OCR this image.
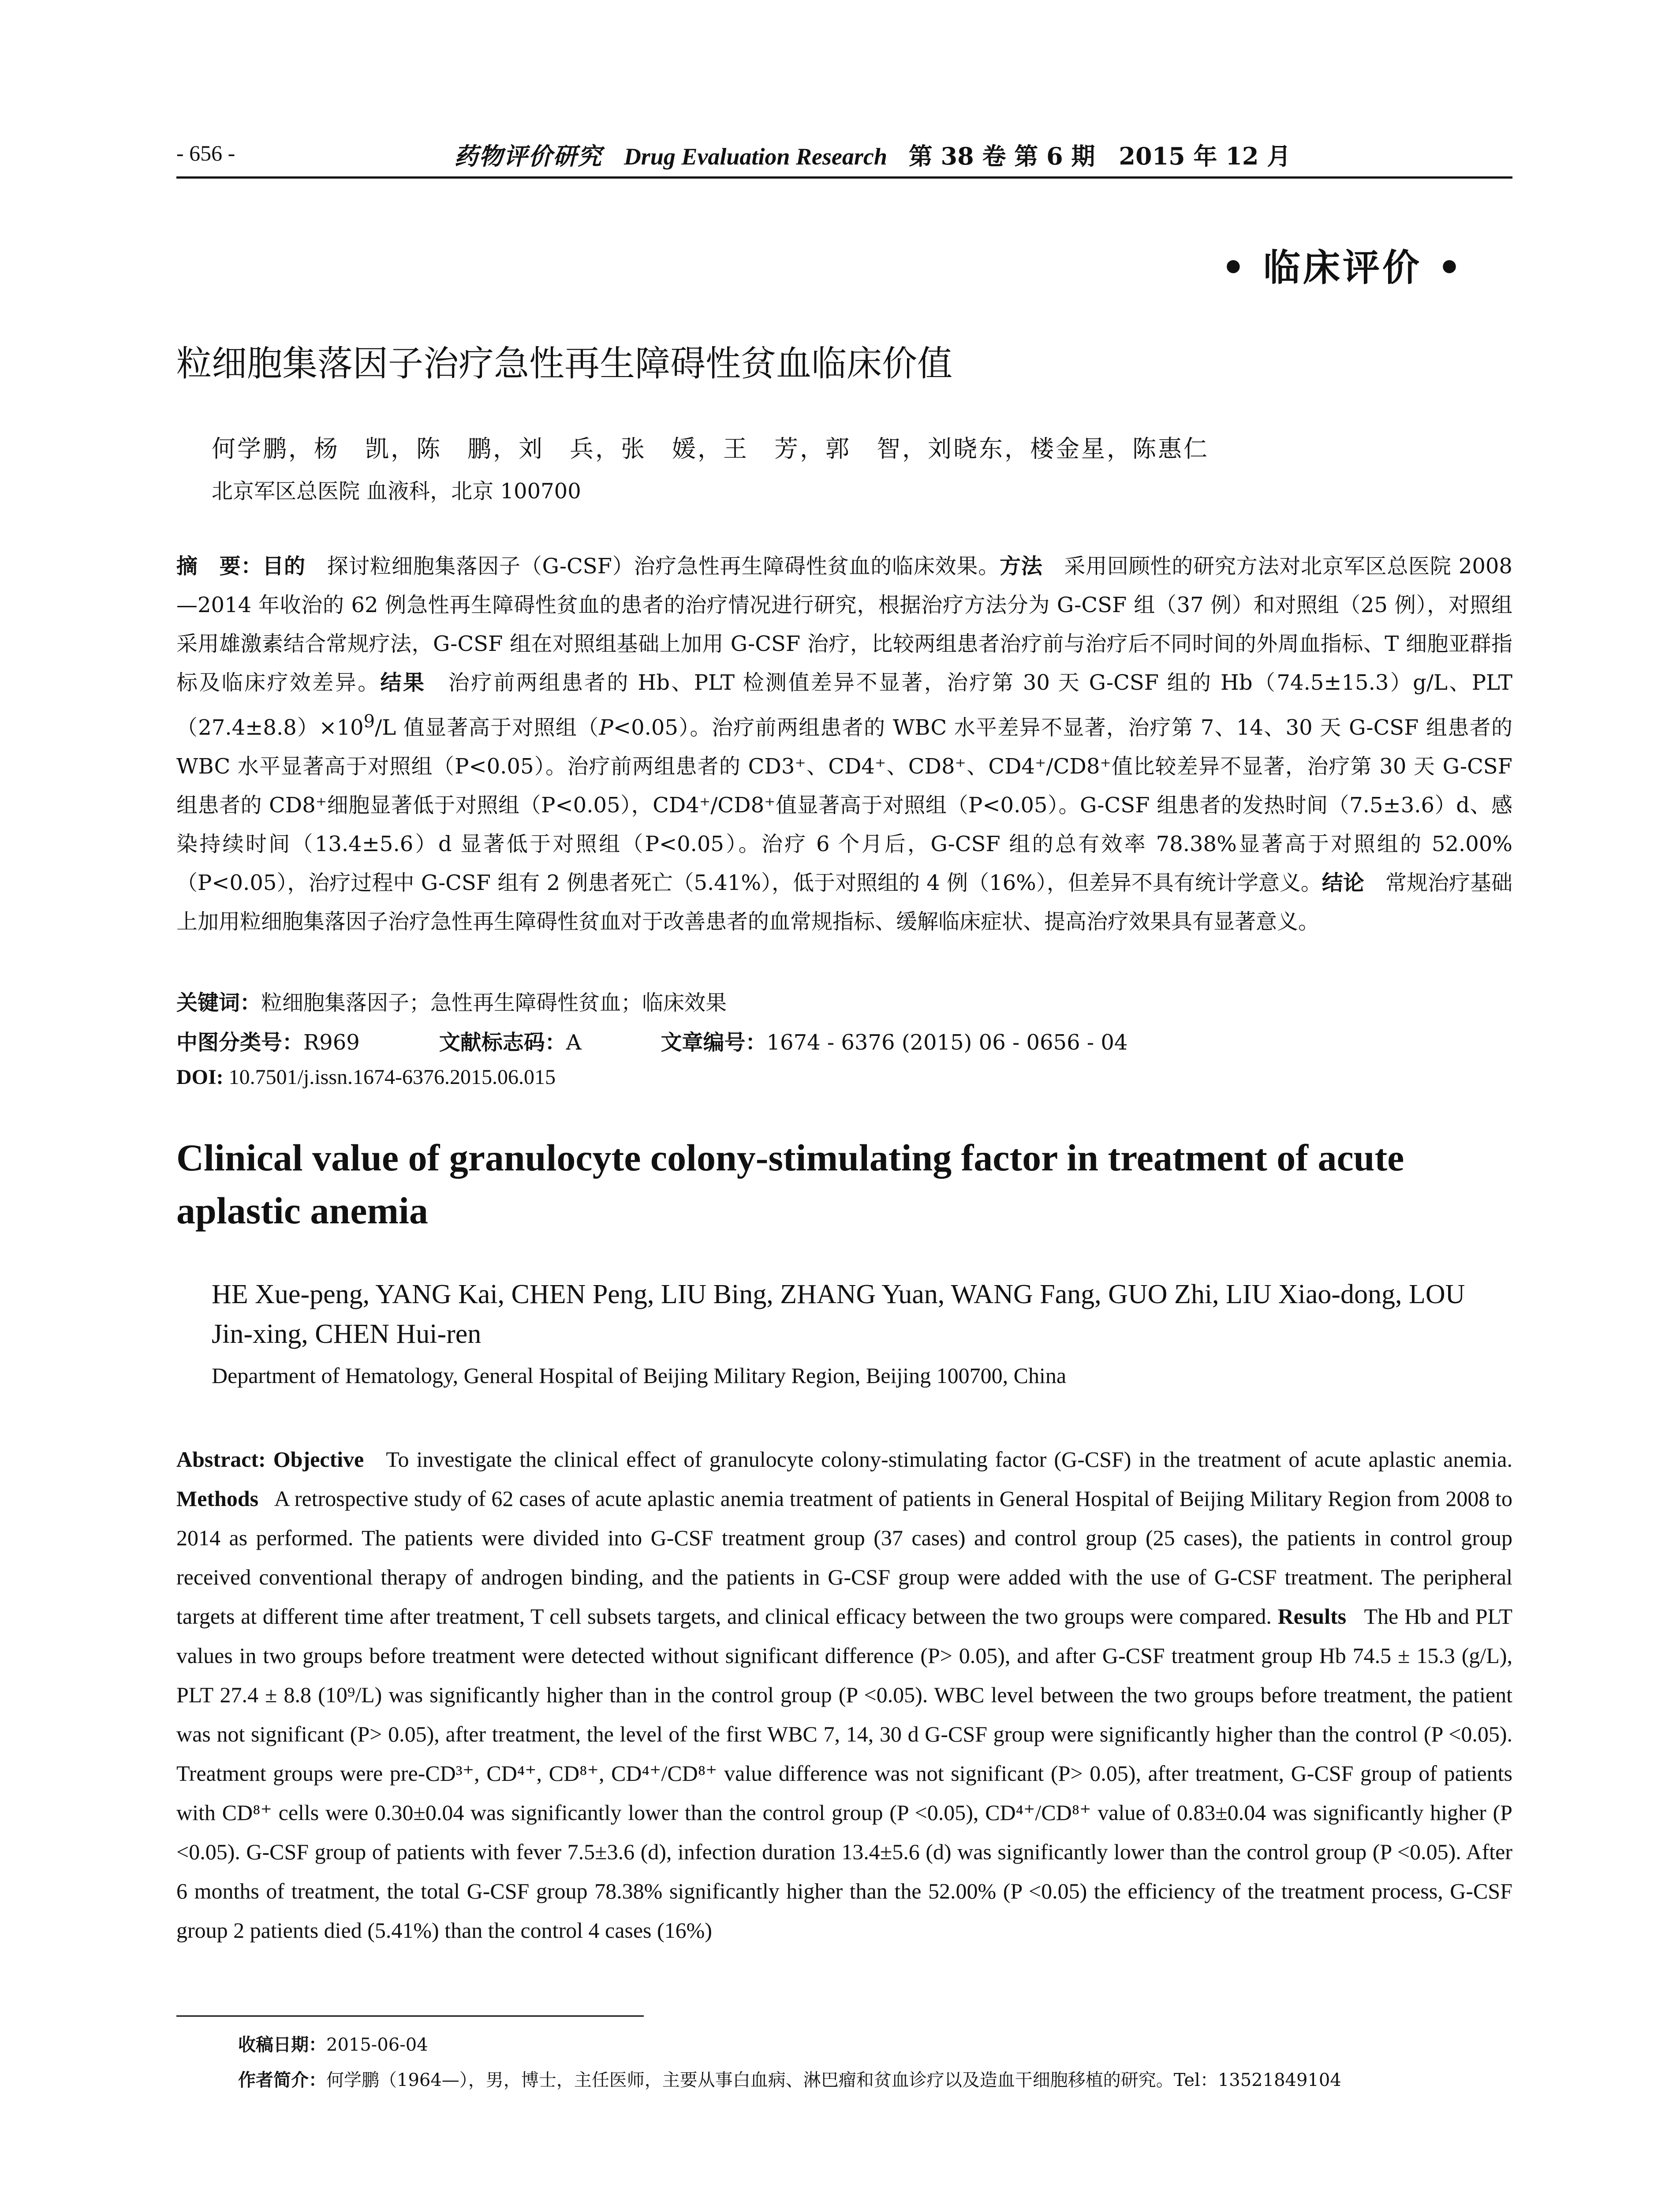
- 656 -	药物评价研究 Drug Evaluation Research 第 38 卷 第 6 期　2015 年 12 月
• 临床评价 •
粒细胞集落因子治疗急性再生障碍性贫血临床价值
何学鹏，杨　凯，陈　鹏，刘　兵，张　媛，王　芳，郭　智，刘晓东，楼金星，陈惠仁
北京军区总医院 血液科，北京 100700
摘　要：目的　 探讨粒细胞集落因子（G-CSF）治疗急性再生障碍性贫血的临床效果。方法　 采用回顾性的研究方法对北京军区总医院 2008—2014 年收治的 62 例急性再生障碍性贫血的患者的治疗情况进行研究，根据治疗方法分为 G-CSF 组（37 例）和对照组（25 例），对照组采用雄激素结合常规疗法，G-CSF 组在对照组基础上加用 G-CSF 治疗，比较两组患者治疗前与治疗后不同时间的外周血指标、T 细胞亚群指标及临床疗效差异。结果　 治疗前两组患者的 Hb、PLT 检测值差异不显著，治疗第 30 天 G-CSF 组的 Hb（74.5±15.3）g/L、$PLT(27.4\pm 8.8)\times 10^9/L$ 值显著高于对照组（P<0.05）。治疗前两组患者的 WBC 水平差异不显著，治疗第 7、14、30 天 G-CSF 组患者的 WBC 水平显著高于对照组（P<0.05）。治疗前两组患者的 CD3⁺、CD4⁺、CD8⁺、CD4⁺/CD8⁺值比较差异不显著，治疗第 30 天 G-CSF 组患者的 CD8⁺细胞显著低于对照组（P<0.05），CD4⁺/CD8⁺值显著高于对照组（P<0.05）。G-CSF 组患者的发热时间（7.5±3.6）d、感染持续时间（13.4±5.6）d 显著低于对照组（P<0.05）。治疗 6 个月后，G-CSF 组的总有效率 78.38%显著高于对照组的 52.00%（P<0.05），治疗过程中 G-CSF 组有 2 例患者死亡（5.41%），低于对照组的 4 例（16%），但差异不具有统计学意义。结论　 常规治疗基础上加用粒细胞集落因子治疗急性再生障碍性贫血对于改善患者的血常规指标、缓解临床症状、提高治疗效果具有显著意义。
关键词：粒细胞集落因子；急性再生障碍性贫血；临床效果
中图分类号：R969	文献标志码：A	文章编号：1674 - 6376 (2015) 06 - 0656 - 04
DOI: 10.7501/j.issn.1674-6376.2015.06.015
Clinical value of granulocyte colony-stimulating factor in treatment of acute aplastic anemia
HE Xue-peng, YANG Kai, CHEN Peng, LIU Bing, ZHANG Yuan, WANG Fang, GUO Zhi, LIU Xiao-dong, LOU Jin-xing, CHEN Hui-ren
Department of Hematology, General Hospital of Beijing Military Region, Beijing 100700, China
Abstract: Objective To investigate the clinical effect of granulocyte colony-stimulating factor (G-CSF) in the treatment of acute aplastic anemia. Methods A retrospective study of 62 cases of acute aplastic anemia treatment of patients in General Hospital of Beijing Military Region from 2008 to 2014 as performed. The patients were divided into G-CSF treatment group (37 cases) and control group (25 cases), the patients in control group received conventional therapy of androgen binding, and the patients in G-CSF group were added with the use of G-CSF treatment. The peripheral targets at different time after treatment, T cell subsets targets, and clinical efficacy between the two groups were compared. Results The Hb and PLT values in two groups before treatment were detected without significant difference (P> 0.05), and after G-CSF treatment group Hb 74.5 ± 15.3 (g/L), PLT 27.4 ± 8.8 (10⁹/L) was significantly higher than in the control group (P <0.05). WBC level between the two groups before treatment, the patient was not significant (P> 0.05), after treatment, the level of the first WBC 7, 14, 30 d G-CSF group were significantly higher than the control (P <0.05). Treatment groups were pre-CD³⁺, CD⁴⁺, CD⁸⁺, CD⁴⁺/CD⁸⁺ value difference was not significant (P> 0.05), after treatment, G-CSF group of patients with CD⁸⁺ cells were 0.30±0.04 was significantly lower than the control group (P <0.05), CD⁴⁺/CD⁸⁺ value of 0.83±0.04 was significantly higher (P <0.05). G-CSF group of patients with fever 7.5±3.6 (d), infection duration 13.4±5.6 (d) was significantly lower than the control group (P <0.05). After 6 months of treatment, the total G-CSF group 78.38% significantly higher than the 52.00% (P <0.05) the efficiency of the treatment process, G-CSF group 2 patients died (5.41%) than the control 4 cases (16%)
收稿日期：2015-06-04
作者简介：何学鹏（1964—），男，博士，主任医师，主要从事白血病、淋巴瘤和贫血诊疗以及造血干细胞移植的研究。Tel：13521849104
